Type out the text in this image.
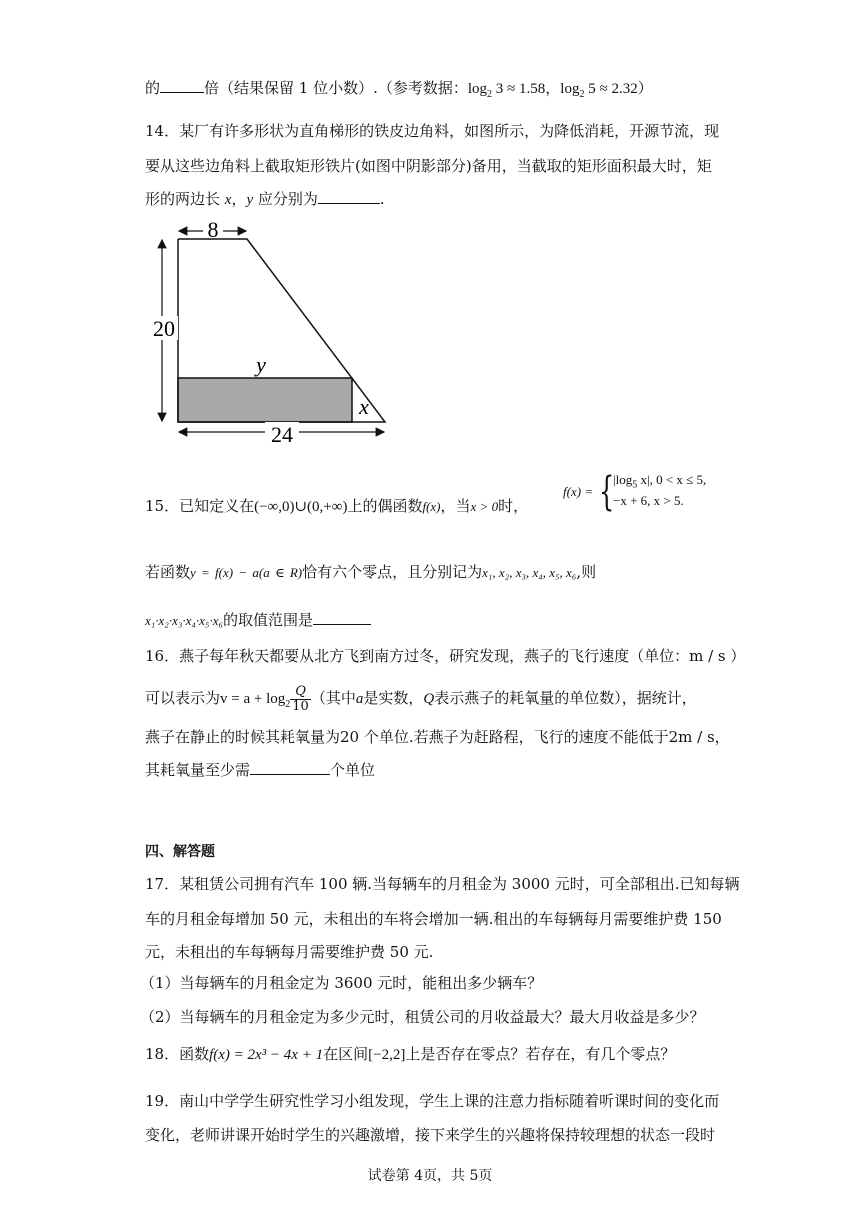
的	倍（结果保留 1 位小数）.（参考数据：$\log_2 3 \approx 1.58$，$\log_2 5 \approx 2.32$）
14．某厂有许多形状为直角梯形的铁皮边角料，如图所示，为降低消耗，开源节流，现
要从这些边角料上截取矩形铁片(如图中阴影部分)备用，当截取的矩形面积最大时，矩
形的两边长 x，y 应分别为	.
8
20
24
y
x
15．已知定义在(−∞,0)∪(0,+∞)上的偶函数f(x)，当x > 0时，
f(x) = {
$|\log_5$ x|, 0 < x ≤ 5,
−x + 6, x > 5.
若函数y = f(x) − a(a ∈ R)恰有六个零点，且分别记为x₁, x₂, x₃, x₄, x₅, x₆,则
x₁·x₂·x₃·x₄·x₅·x₆的取值范围是
16．燕子每年秋天都要从北方飞到南方过冬，研究发现，燕子的飞行速度（单位：m / s ）
可以表示为$v = a + \log_2 \frac{Q}{10}$ （其中a是实数，Q表示燕子的耗氧量的单位数），据统计，
燕子在静止的时候其耗氧量为20 个单位.若燕子为赶路程，飞行的速度不能低于2m / s，
其耗氧量至少需	个单位
四、解答题
17．某租赁公司拥有汽车 100 辆.当每辆车的月租金为 3000 元时，可全部租出.已知每辆
车的月租金每增加 50 元，未租出的车将会增加一辆.租出的车每辆每月需要维护费 150
元，未租出的车每辆每月需要维护费 50 元.
（1）当每辆车的月租金定为 3600 元时，能租出多少辆车？
（2）当每辆车的月租金定为多少元时，租赁公司的月收益最大？最大月收益是多少？
18．函数f(x) = 2x³ − 4x + 1在区间[−2,2]上是否存在零点？若存在，有几个零点？
19．南山中学学生研究性学习小组发现，学生上课的注意力指标随着听课时间的变化而
变化，老师讲课开始时学生的兴趣激增，接下来学生的兴趣将保持较理想的状态一段时
试卷第 4页，共 5页
